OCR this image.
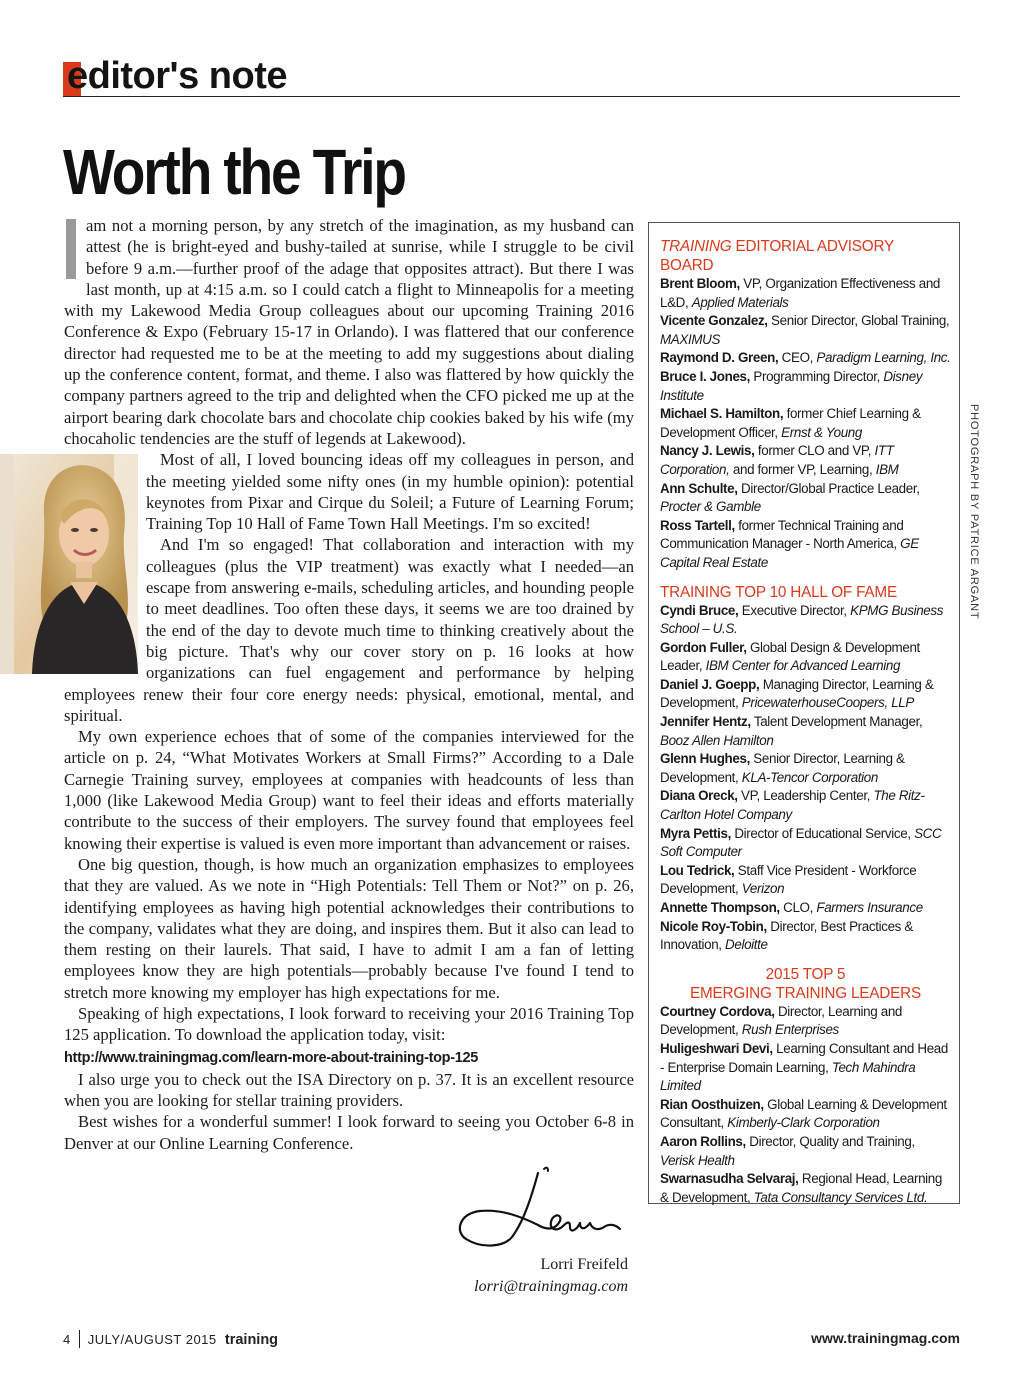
editor's note
Worth the Trip

am not a morning person, by any stretch of the imagination, as my husband can attest (he is bright-eyed and bushy-tailed at sunrise, while I struggle to be civil before 9 a.m.—further proof of the adage that opposites attract). But there I was last month, up at 4:15 a.m. so I could catch a flight to Minneapolis for a meeting with my Lakewood Media Group colleagues about our upcoming Training 2016 Conference & Expo (February 15-17 in Orlando). I was flattered that our conference director had requested me to be at the meeting to add my suggestions about dialing up the conference content, format, and theme. I also was flattered by how quickly the company partners agreed to the trip and delighted when the CFO picked me up at the airport bearing dark chocolate bars and chocolate chip cookies baked by his wife (my chocaholic tendencies are the stuff of legends at Lakewood).

Most of all, I loved bouncing ideas off my colleagues in person, and the meeting yielded some nifty ones (in my humble opinion): potential keynotes from Pixar and Cirque du Soleil; a Future of Learning Forum; Training Top 10 Hall of Fame Town Hall Meetings. I'm so excited!

And I'm so engaged! That collaboration and interaction with my colleagues (plus the VIP treatment) was exactly what I needed—an escape from answering e-mails, scheduling articles, and hounding people to meet deadlines. Too often these days, it seems we are too drained by the end of the day to devote much time to thinking creatively about the big picture. That's why our cover story on p. 16 looks at how organizations can fuel engagement and performance by helping employees renew their four core energy needs: physical, emotional, mental, and spiritual.

My own experience echoes that of some of the companies interviewed for the article on p. 24, “What Motivates Workers at Small Firms?” According to a Dale Carnegie Training survey, employees at companies with headcounts of less than 1,000 (like Lakewood Media Group) want to feel their ideas and efforts materially contribute to the success of their employers. The survey found that employees feel knowing their expertise is valued is even more important than advancement or raises.

One big question, though, is how much an organization emphasizes to employees that they are valued. As we note in “High Potentials: Tell Them or Not?” on p. 26, identifying employees as having high potential acknowledges their contributions to the company, validates what they are doing, and inspires them. But it also can lead to them resting on their laurels. That said, I have to admit I am a fan of letting employees know they are high potentials—probably because I've found I tend to stretch more knowing my employer has high expectations for me.

Speaking of high expectations, I look forward to receiving your 2016 Training Top 125 application. To download the application today, visit:

http://www.trainingmag.com/learn-more-about-training-top-125

I also urge you to check out the ISA Directory on p. 37. It is an excellent resource when you are looking for stellar training providers.

Best wishes for a wonderful summer! I look forward to seeing you October 6-8 in Denver at our Online Learning Conference.

Lorri Freifeld
lorri@trainingmag.com
TRAINING EDITORIAL ADVISORY BOARD

Brent Bloom, VP, Organization Effectiveness and L&D, Applied Materials

Vicente Gonzalez, Senior Director, Global Training, MAXIMUS

Raymond D. Green, CEO, Paradigm Learning, Inc.

Bruce I. Jones, Programming Director, Disney Institute

Michael S. Hamilton, former Chief Learning & Development Officer, Ernst & Young

Nancy J. Lewis, former CLO and VP, ITT Corporation, and former VP, Learning, IBM

Ann Schulte, Director/Global Practice Leader, Procter & Gamble

Ross Tartell, former Technical Training and Communication Manager - North America, GE Capital Real Estate

TRAINING TOP 10 HALL OF FAME

Cyndi Bruce, Executive Director, KPMG Business School – U.S.

Gordon Fuller, Global Design & Development Leader, IBM Center for Advanced Learning

Daniel J. Goepp, Managing Director, Learning & Development, PricewaterhouseCoopers, LLP

Jennifer Hentz, Talent Development Manager, Booz Allen Hamilton

Glenn Hughes, Senior Director, Learning & Development, KLA-Tencor Corporation

Diana Oreck, VP, Leadership Center, The Ritz-Carlton Hotel Company

Myra Pettis, Director of Educational Service, SCC Soft Computer

Lou Tedrick, Staff Vice President - Workforce Development, Verizon

Annette Thompson, CLO, Farmers Insurance

Nicole Roy-Tobin, Director, Best Practices & Innovation, Deloitte

2015 TOP 5
EMERGING TRAINING LEADERS

Courtney Cordova, Director, Learning and Development, Rush Enterprises

Huligeshwari Devi, Learning Consultant and Head - Enterprise Domain Learning, Tech Mahindra Limited

Rian Oosthuizen, Global Learning & Development Consultant, Kimberly-Clark Corporation

Aaron Rollins, Director, Quality and Training, Verisk Health

Swarnasudha Selvaraj, Regional Head, Learning & Development, Tata Consultancy Services Ltd.

PHOTOGRAPH BY PATRICE ARGANT
4 JULY/AUGUST 2015 training	www.trainingmag.com
